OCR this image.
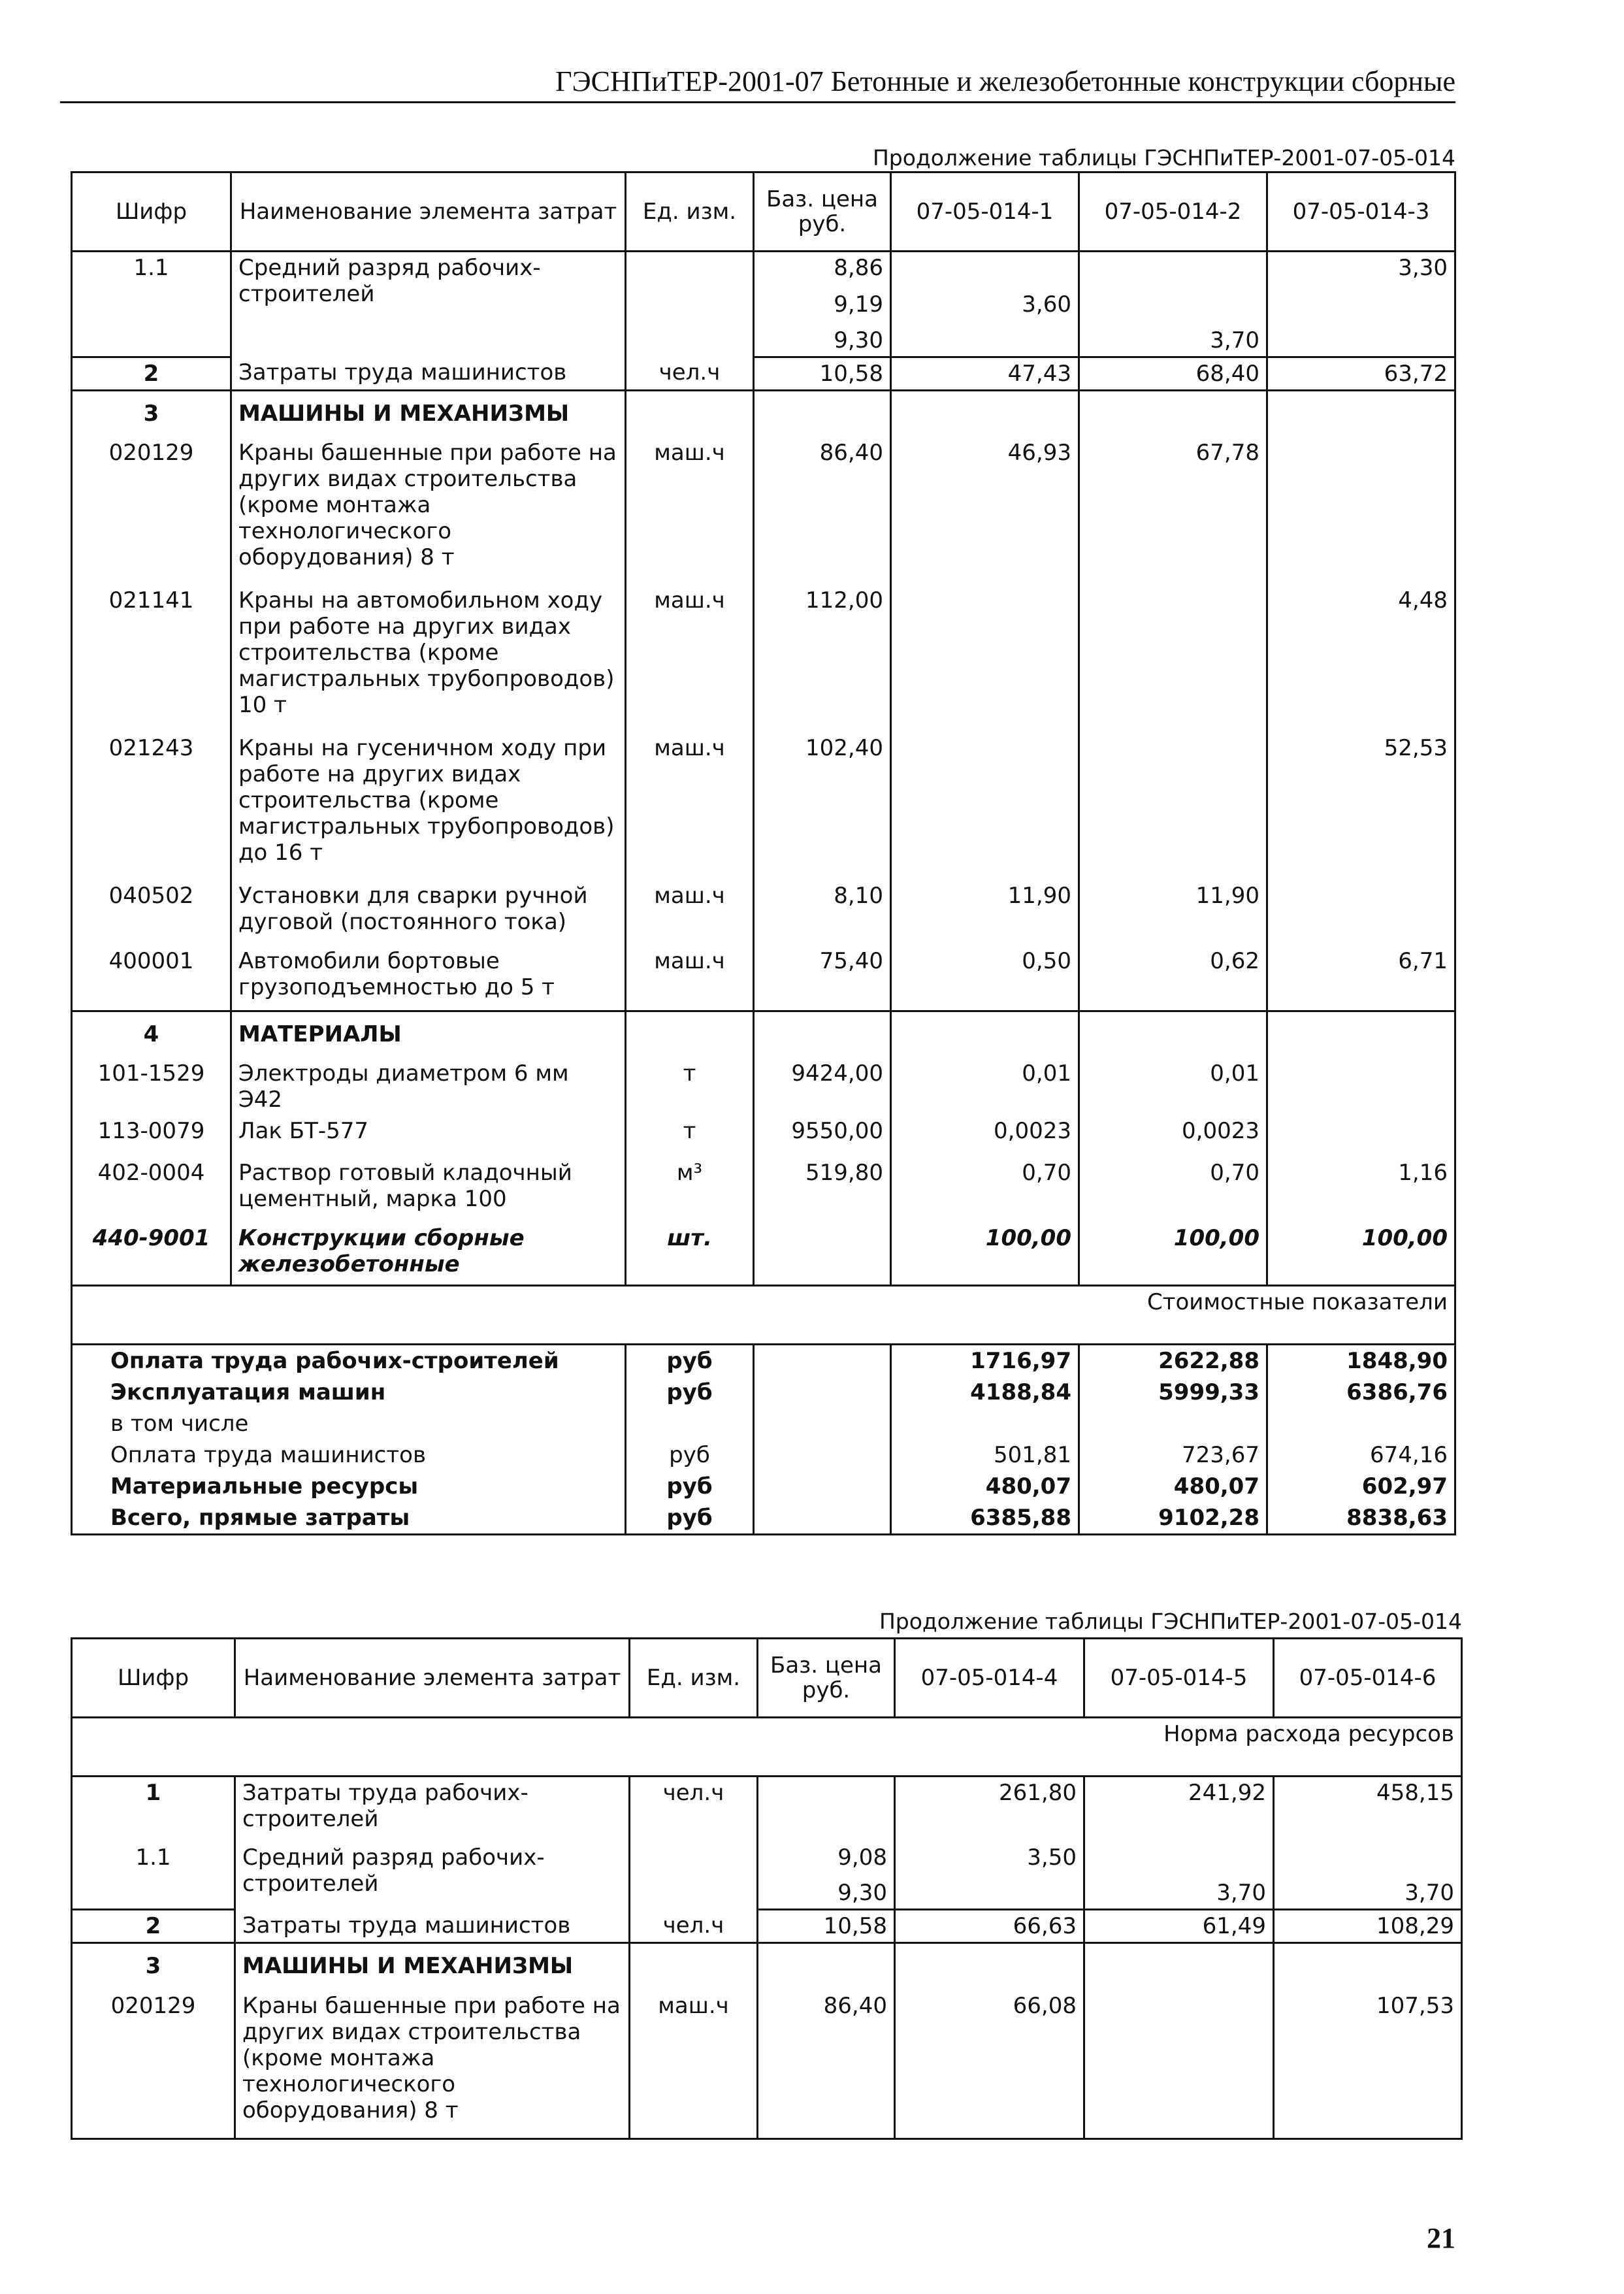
ГЭСНПиТЕР-2001-07 Бетонные и железобетонные конструкции сборные
Продолжение таблицы ГЭСНПиТЕР-2001-07-05-014
Шифр	Наименование элемента затрат	Ед. изм.	Баз. цена руб.	07-05-014-1	07-05-014-2	07-05-014-3
1.1	Средний разряд рабочих-строителей		8,86			3,30
			9,19	3,60		
			9,30		3,70	
2	Затраты труда машинистов	чел.ч	10,58	47,43	68,40	63,72
3	МАШИНЫ И МЕХАНИЗМЫ					
020129	Краны башенные при работе на других видах строительства (кроме монтажа технологического оборудования) 8 т	маш.ч	86,40	46,93	67,78	
021141	Краны на автомобильном ходу при работе на других видах строительства (кроме магистральных трубопроводов) 10 т	маш.ч	112,00			4,48
021243	Краны на гусеничном ходу при работе на других видах строительства (кроме магистральных трубопроводов) до 16 т	маш.ч	102,40			52,53
040502	Установки для сварки ручной дуговой (постоянного тока)	маш.ч	8,10	11,90	11,90	
400001	Автомобили бортовые грузоподъемностью до 5 т	маш.ч	75,40	0,50	0,62	6,71
4	МАТЕРИАЛЫ					
101-1529	Электроды диаметром 6 мм Э42	т	9424,00	0,01	0,01	
113-0079	Лак БТ-577	т	9550,00	0,0023	0,0023	
402-0004	Раствор готовый кладочный цементный, марка 100	м³	519,80	0,70	0,70	1,16
440-9001	Конструкции сборные железобетонные	шт.		100,00	100,00	100,00
Стоимостные показатели						
Оплата труда рабочих-строителей		руб		1716,97	2622,88	1848,90
Эксплуатация машин		руб		4188,84	5999,33	6386,76
в том числе						
Оплата труда машинистов		руб		501,81	723,67	674,16
Материальные ресурсы		руб		480,07	480,07	602,97
Всего, прямые затраты		руб		6385,88	9102,28	8838,63
Продолжение таблицы ГЭСНПиТЕР-2001-07-05-014
Шифр	Наименование элемента затрат	Ед. изм.	Баз. цена руб.	07-05-014-4	07-05-014-5	07-05-014-6
Норма расхода ресурсов						
1	Затраты труда рабочих-строителей	чел.ч		261,80	241,92	458,15
1.1	Средний разряд рабочих-строителей		9,08	3,50		
			9,30		3,70	3,70
2	Затраты труда машинистов	чел.ч	10,58	66,63	61,49	108,29
3	МАШИНЫ И МЕХАНИЗМЫ					
020129	Краны башенные при работе на других видах строительства (кроме монтажа технологического оборудования) 8 т	маш.ч	86,40	66,08		107,53
21
